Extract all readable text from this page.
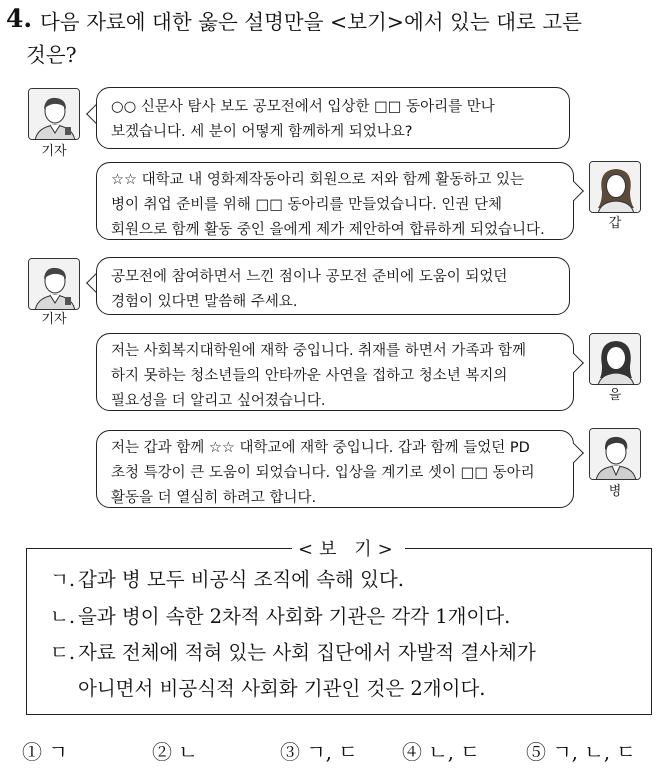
4. 다음 자료에 대한 옳은 설명만을 <보기>에서 있는 대로 고른
것은?
기자
○○ 신문사 탐사 보도 공모전에서 입상한 □□ 동아리를 만나
보겠습니다. 세 분이 어떻게 함께하게 되었나요?
☆☆ 대학교 내 영화제작동아리 회원으로 저와 함께 활동하고 있는
병이 취업 준비를 위해 □□ 동아리를 만들었습니다. 인권 단체
회원으로 함께 활동 중인 을에게 제가 제안하여 합류하게 되었습니다.	갑
기자
공모전에 참여하면서 느낀 점이나 공모전 준비에 도움이 되었던
경험이 있다면 말씀해 주세요.
저는 사회복지대학원에 재학 중입니다. 취재를 하면서 가족과 함께
하지 못하는 청소년들의 안타까운 사연을 접하고 청소년 복지의
필요성을 더 알리고 싶어졌습니다.	을
저는 갑과 함께 ☆☆ 대학교에 재학 중입니다. 갑과 함께 들었던 PD
초청 특강이 큰 도움이 되었습니다. 입상을 계기로 셋이 □□ 동아리
활동을 더 열심히 하려고 합니다.	병
<보 기>
ㄱ. 갑과 병 모두 비공식 조직에 속해 있다.
ㄴ. 을과 병이 속한 2차적 사회화 기관은 각각 1개이다.
ㄷ. 자료 전체에 적혀 있는 사회 집단에서 자발적 결사체가
아니면서 비공식적 사회화 기관인 것은 2개이다.
① ㄱ	② ㄴ	③ ㄱ, ㄷ ④ ㄴ, ㄷ ⑤ ㄱ, ㄴ, ㄷ
